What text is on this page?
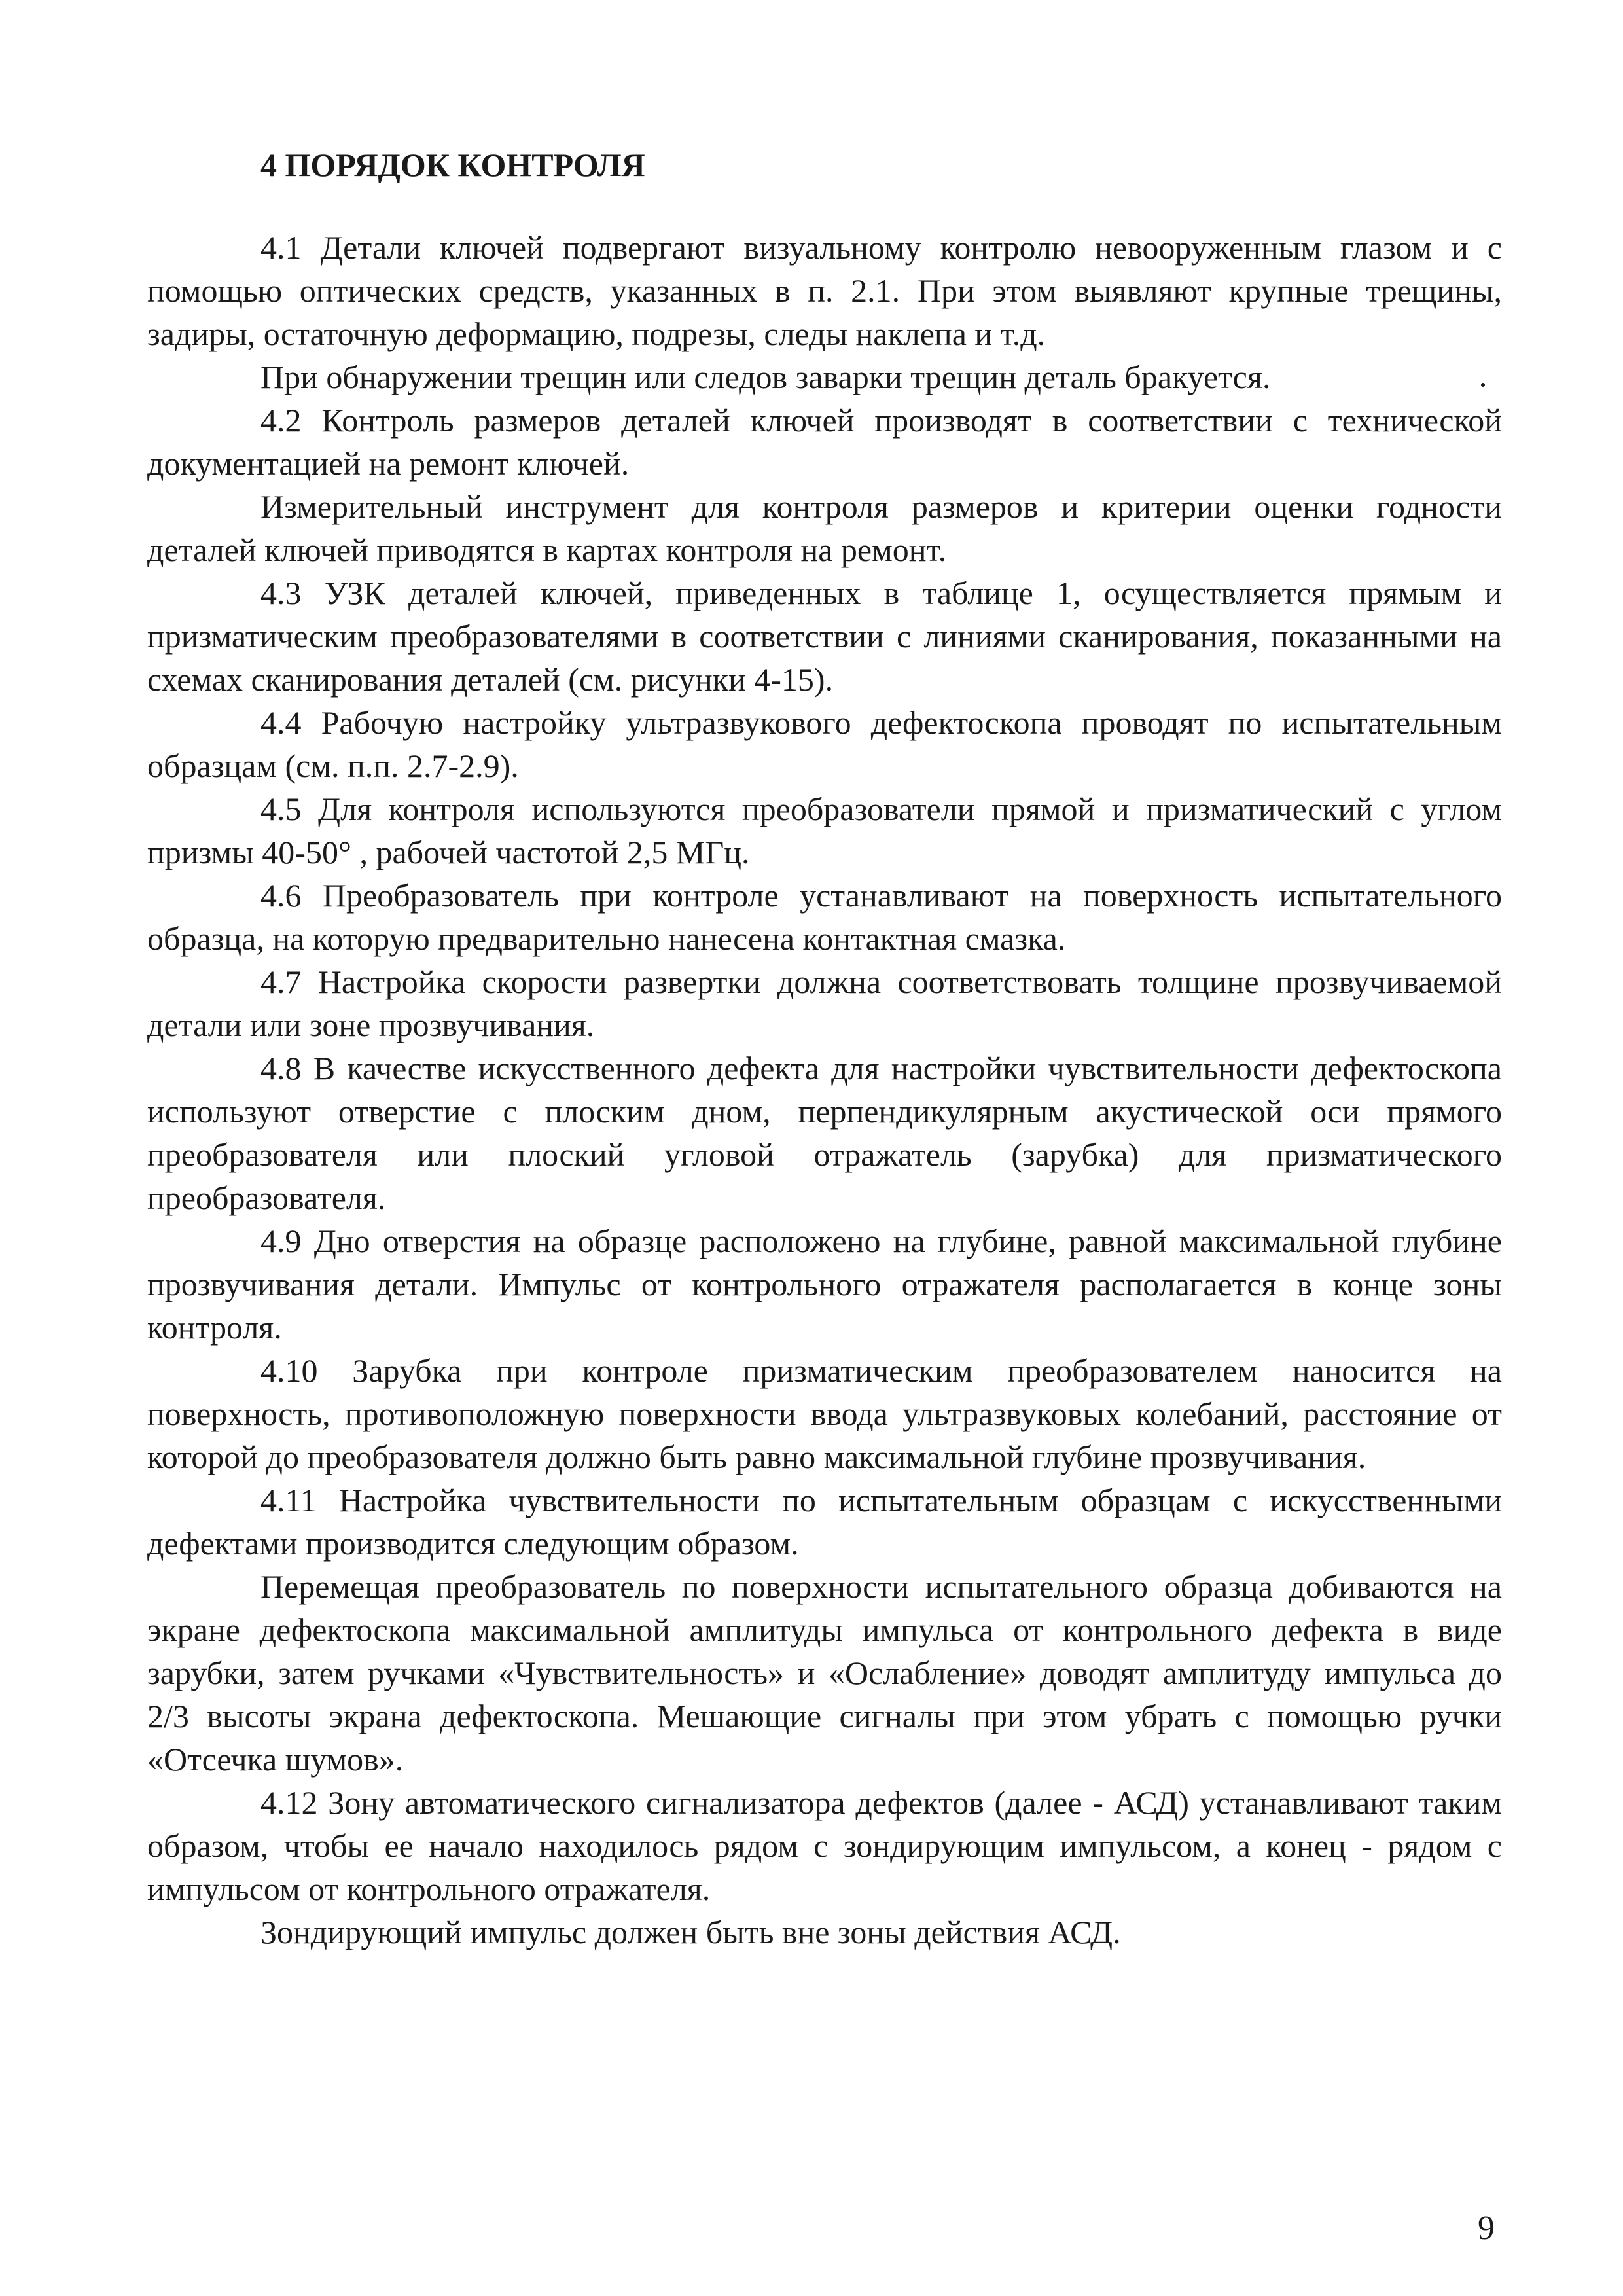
4 ПОРЯДОК КОНТРОЛЯ

4.1 Детали ключей подвергают визуальному контролю невооруженным глазом и с помощью оптических средств, указанных в п. 2.1. При этом выявляют крупные трещины, задиры, остаточную деформацию, подрезы, следы наклепа и т.д.

При обнаружении трещин или следов заварки трещин деталь бракуется.

4.2 Контроль размеров деталей ключей производят в соответствии с технической документацией на ремонт ключей.

Измерительный инструмент для контроля размеров и критерии оценки годности деталей ключей приводятся в картах контроля на ремонт.

4.3 УЗК деталей ключей, приведенных в таблице 1, осуществляется прямым и призматическим преобразователями в соответствии с линиями сканирования, показанными на схемах сканирования деталей (см. рисунки 4-15).

4.4 Рабочую настройку ультразвукового дефектоскопа проводят по испытательным образцам (см. п.п. 2.7-2.9).

4.5 Для контроля используются преобразователи прямой и призматический с углом призмы 40-50° , рабочей частотой 2,5 МГц.

4.6 Преобразователь при контроле устанавливают на поверхность испытательного образца, на которую предварительно нанесена контактная смазка.

4.7 Настройка скорости развертки должна соответствовать толщине прозвучиваемой детали или зоне прозвучивания.

4.8 В качестве искусственного дефекта для настройки чувствительности дефектоскопа используют отверстие с плоским дном, перпендикулярным акустической оси прямого преобразователя или плоский угловой отражатель (зарубка) для призматического преобразователя.

4.9 Дно отверстия на образце расположено на глубине, равной максимальной глубине прозвучивания детали. Импульс от контрольного отражателя располагается в конце зоны контроля.

4.10 Зарубка при контроле призматическим преобразователем наносится на поверхность, противоположную поверхности ввода ультразвуковых колебаний, расстояние от которой до преобразователя должно быть равно максимальной глубине прозвучивания.

4.11 Настройка чувствительности по испытательным образцам с искусственными дефектами производится следующим образом.

Перемещая преобразователь по поверхности испытательного образца добиваются на экране дефектоскопа максимальной амплитуды импульса от контрольного дефекта в виде зарубки, затем ручками «Чувствительность» и «Ослабление» доводят амплитуду импульса до 2/3 высоты экрана дефектоскопа. Мешающие сигналы при этом убрать с помощью ручки «Отсечка шумов».

4.12 Зону автоматического сигнализатора дефектов (далее - АСД) устанавливают таким образом, чтобы ее начало находилось рядом с зондирующим импульсом, а конец - рядом с импульсом от контрольного отражателя.

Зондирующий импульс должен быть вне зоны действия АСД.

9
